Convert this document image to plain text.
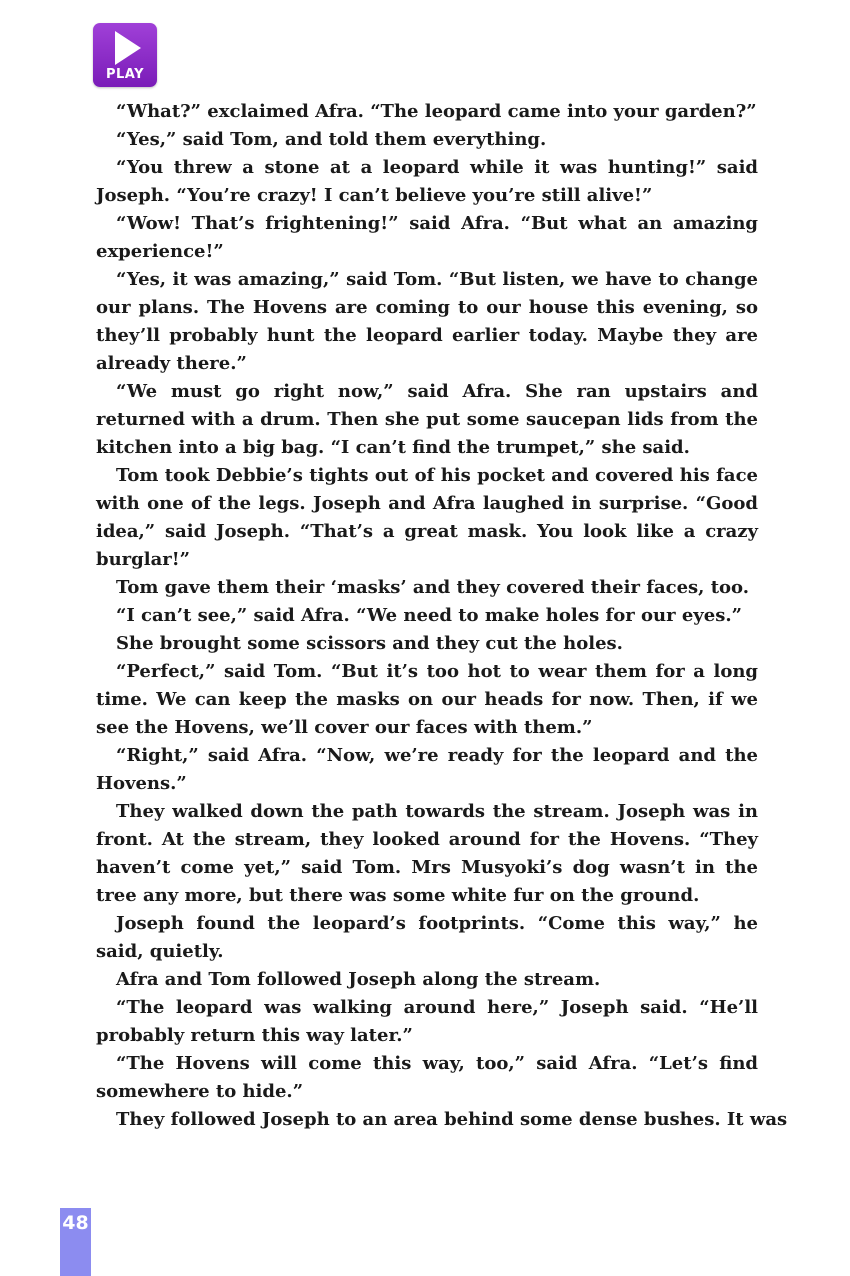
PLAY

“What?” exclaimed Afra. “The leopard came into your garden?”

“Yes,” said Tom, and told them everything.

“You threw a stone at a leopard while it was hunting!” said Joseph. “You’re crazy! I can’t believe you’re still alive!”

“Wow! That’s frightening!” said Afra. “But what an amazing experience!”

“Yes, it was amazing,” said Tom. “But listen, we have to change our plans. The Hovens are coming to our house this evening, so they’ll probably hunt the leopard earlier today. Maybe they are already there.”

“We must go right now,” said Afra. She ran upstairs and returned with a drum. Then she put some saucepan lids from the kitchen into a big bag. “I can’t find the trumpet,” she said.

Tom took Debbie’s tights out of his pocket and covered his face with one of the legs. Joseph and Afra laughed in surprise. “Good idea,” said Joseph. “That’s a great mask. You look like a crazy burglar!”

Tom gave them their ‘masks’ and they covered their faces, too.

“I can’t see,” said Afra. “We need to make holes for our eyes.”

She brought some scissors and they cut the holes.

“Perfect,” said Tom. “But it’s too hot to wear them for a long time. We can keep the masks on our heads for now. Then, if we see the Hovens, we’ll cover our faces with them.”

“Right,” said Afra. “Now, we’re ready for the leopard and the Hovens.”

They walked down the path towards the stream. Joseph was in front. At the stream, they looked around for the Hovens. “They haven’t come yet,” said Tom. Mrs Musyoki’s dog wasn’t in the tree any more, but there was some white fur on the ground.

Joseph found the leopard’s footprints. “Come this way,” he said, quietly.

Afra and Tom followed Joseph along the stream.

“The leopard was walking around here,” Joseph said. “He’ll probably return this way later.”

“The Hovens will come this way, too,” said Afra. “Let’s find somewhere to hide.”

They followed Joseph to an area behind some dense bushes. It was

48
